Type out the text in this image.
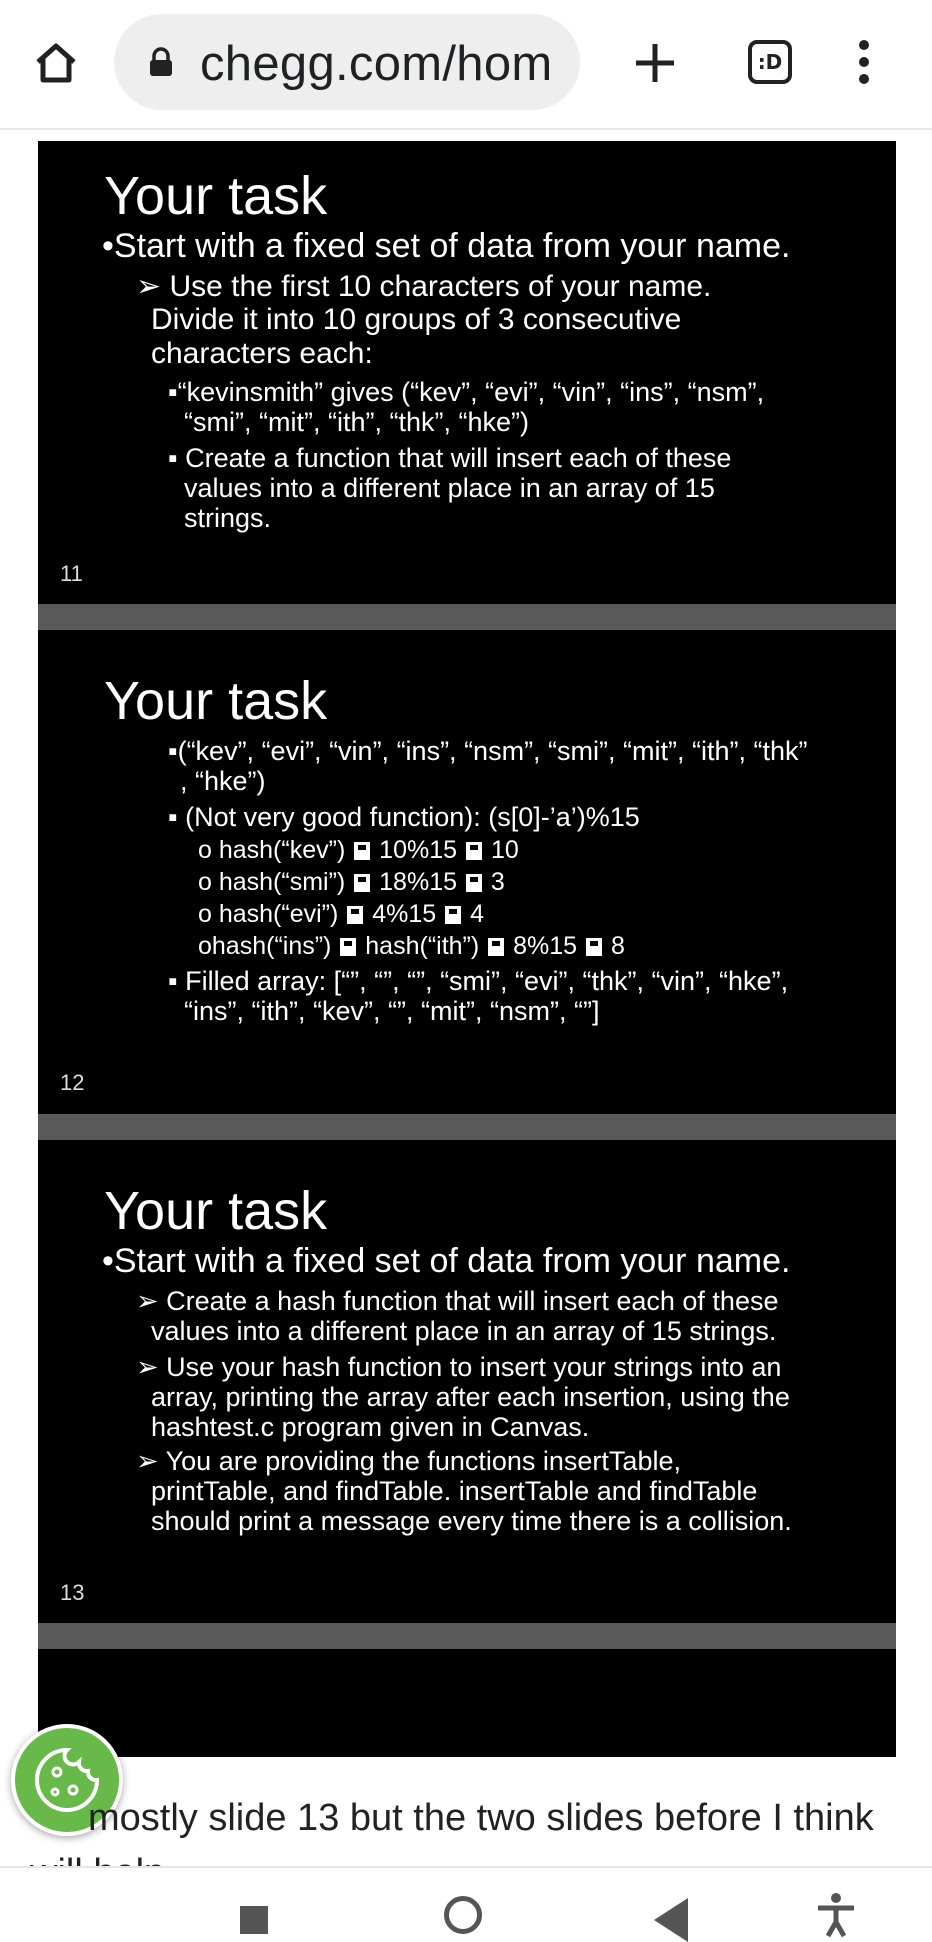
chegg.com/hom	:D
Your task
•Start with a fixed set of data from your name.
➢ Use the first 10 characters of your name.
Divide it into 10 groups of 3 consecutive
characters each:
▪“kevinsmith” gives (“kev”, “evi”, “vin”, “ins”, “nsm”,
“smi”, “mit”, “ith”, “thk”, “hke”)
▪ Create a function that will insert each of these
values into a different place in an array of 15
strings.
11
Your task
▪(“kev”, “evi”, “vin”, “ins”, “nsm”, “smi”, “mit”, “ith”, “thk”
, “hke”)
▪ (Not very good function): (s[0]-’a’)%15
o hash(“kev”) 10%15 10
o hash(“smi”) 18%15 3
o hash(“evi”) 4%15 4
ohash(“ins”) hash(“ith”) 8%15 8
▪ Filled array: [“”, “”, “”, “smi”, “evi”, “thk”, “vin”, “hke”,
“ins”, “ith”, “kev”, “”, “mit”, “nsm”, “”]
12
Your task
•Start with a fixed set of data from your name.
➢ Create a hash function that will insert each of these
values into a different place in an array of 15 strings.
➢ Use your hash function to insert your strings into an
array, printing the array after each insertion, using the
hashtest.c program given in Canvas.
➢ You are providing the functions insertTable,
printTable, and findTable. insertTable and findTable
should print a message every time there is a collision.
13
mostly slide 13 but the two slides before I think
